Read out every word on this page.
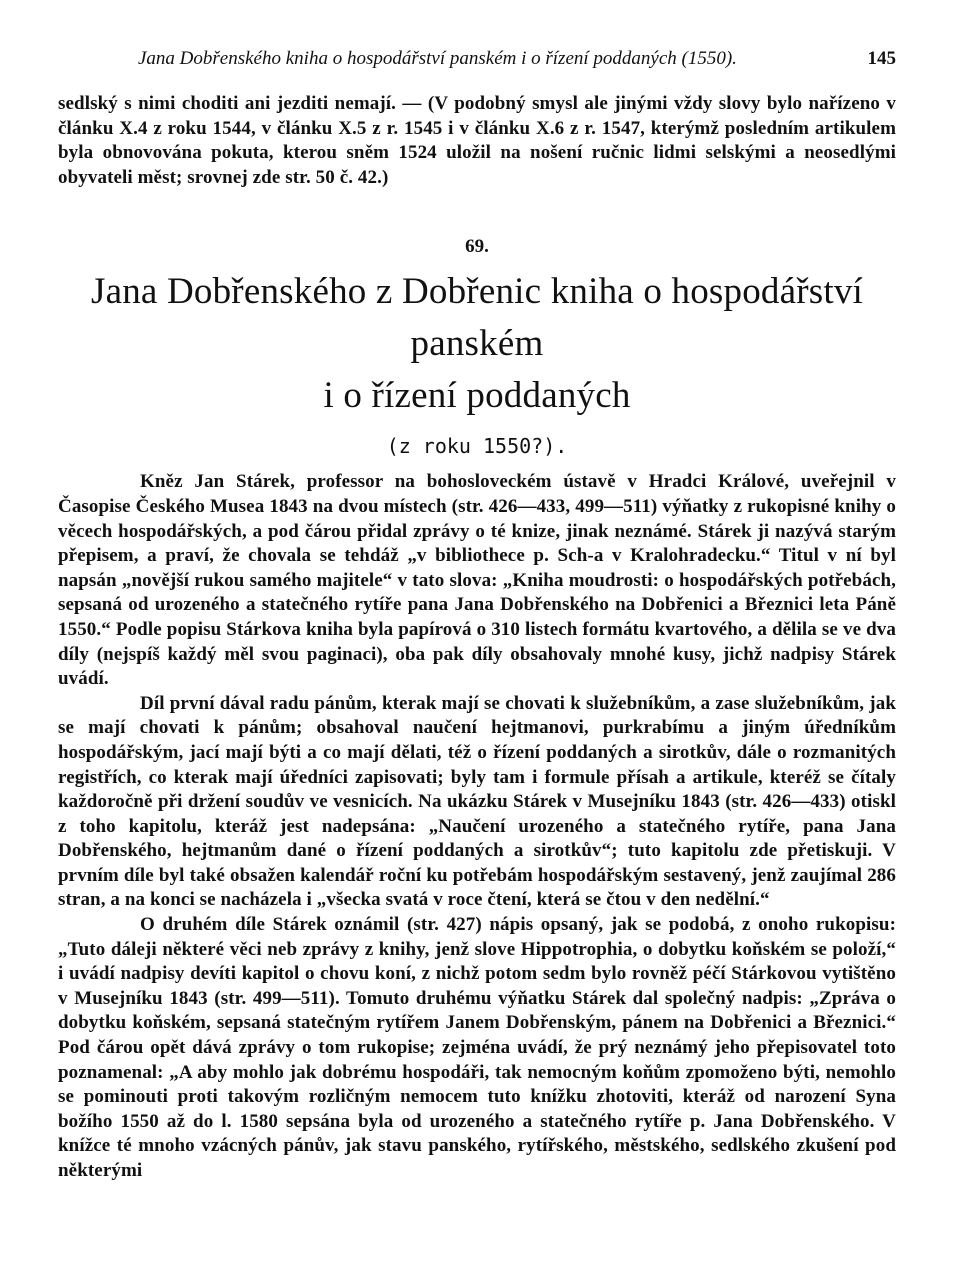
Jana Dobřenského kniha o hospodářství panském i o řízení poddaných (1550).	145

sedlský s nimi choditi ani jezditi nemají. — (V podobný smysl ale jinými vždy slovy bylo nařízeno v článku X.4 z roku 1544, v článku X.5 z r. 1545 i v článku X.6 z r. 1547, kterýmž posledním artikulem byla obnovována pokuta, kterou sněm 1524 uložil na nošení ručnic lidmi selskými a neosedlými obyvateli měst; srovnej zde str. 50 č. 42.)

69.
Jana Dobřenského z Dobřenic kniha o hospodářství panském
i o řízení poddaných
(z roku 1550?).

Kněz Jan Stárek, professor na bohosloveckém ústavě v Hradci Králové, uveřejnil v Časopise Českého Musea 1843 na dvou místech (str. 426—433, 499—511) výňatky z rukopisné knihy o věcech hospodářských, a pod čárou přidal zprávy o té knize, jinak neznámé. Stárek ji nazývá starým přepisem, a praví, že chovala se tehdáž „v bibliothece p. Sch-a v Kralohradecku.“ Titul v ní byl napsán „novější rukou samého majitele“ v tato slova: „Kniha moudrosti: o hospodářských potřebách, sepsaná od urozeného a statečného rytíře pana Jana Dobřenského na Dobřenici a Březnici leta Páně 1550.“ Podle popisu Stárkova kniha byla papírová o 310 listech formátu kvartového, a dělila se ve dva díly (nejspíš každý měl svou paginaci), oba pak díly obsahovaly mnohé kusy, jichž nadpisy Stárek uvádí.

Díl první dával radu pánům, kterak mají se chovati k služebníkům, a zase služebníkům, jak se mají chovati k pánům; obsahoval naučení hejtmanovi, purkrabímu a jiným úředníkům hospodářským, jací mají býti a co mají dělati, též o řízení poddaných a sirotkův, dále o rozmanitých registřích, co kterak mají úředníci zapisovati; byly tam i formule přísah a artikule, kteréž se čítaly každoročně při držení soudův ve vesnicích. Na ukázku Stárek v Musejníku 1843 (str. 426—433) otiskl z toho kapitolu, kteráž jest nadepsána: „Naučení urozeného a statečného rytíře, pana Jana Dobřenského, hejtmanům dané o řízení poddaných a sirotkův“; tuto kapitolu zde přetiskuji. V prvním díle byl také obsažen kalendář roční ku potřebám hospodářským sestavený, jenž zaujímal 286 stran, a na konci se nacházela i „všecka svatá v roce čtení, která se čtou v den nedělní.“

O druhém díle Stárek oznámil (str. 427) nápis opsaný, jak se podobá, z onoho rukopisu: „Tuto dáleji některé věci neb zprávy z knihy, jenž slove Hippotrophia, o dobytku koňském se položí,“ i uvádí nadpisy devíti kapitol o chovu koní, z nichž potom sedm bylo rovněž péčí Stárkovou vytištěno v Musejníku 1843 (str. 499—511). Tomuto druhému výňatku Stárek dal společný nadpis: „Zpráva o dobytku koňském, sepsaná statečným rytířem Janem Dobřenským, pánem na Dobřenici a Březnici.“ Pod čárou opět dává zprávy o tom rukopise; zejména uvádí, že prý neznámý jeho přepisovatel toto poznamenal: „A aby mohlo jak dobrému hospodáři, tak nemocným koňům zpomoženo býti, nemohlo se pominouti proti takovým rozličným nemocem tuto knížku zhotoviti, kteráž od narození Syna božího 1550 až do l. 1580 sepsána byla od urozeného a statečného rytíře p. Jana Dobřenského. V knížce té mnoho vzácných pánův, jak stavu panského, rytířského, městského, sedlského zkušení pod některými
